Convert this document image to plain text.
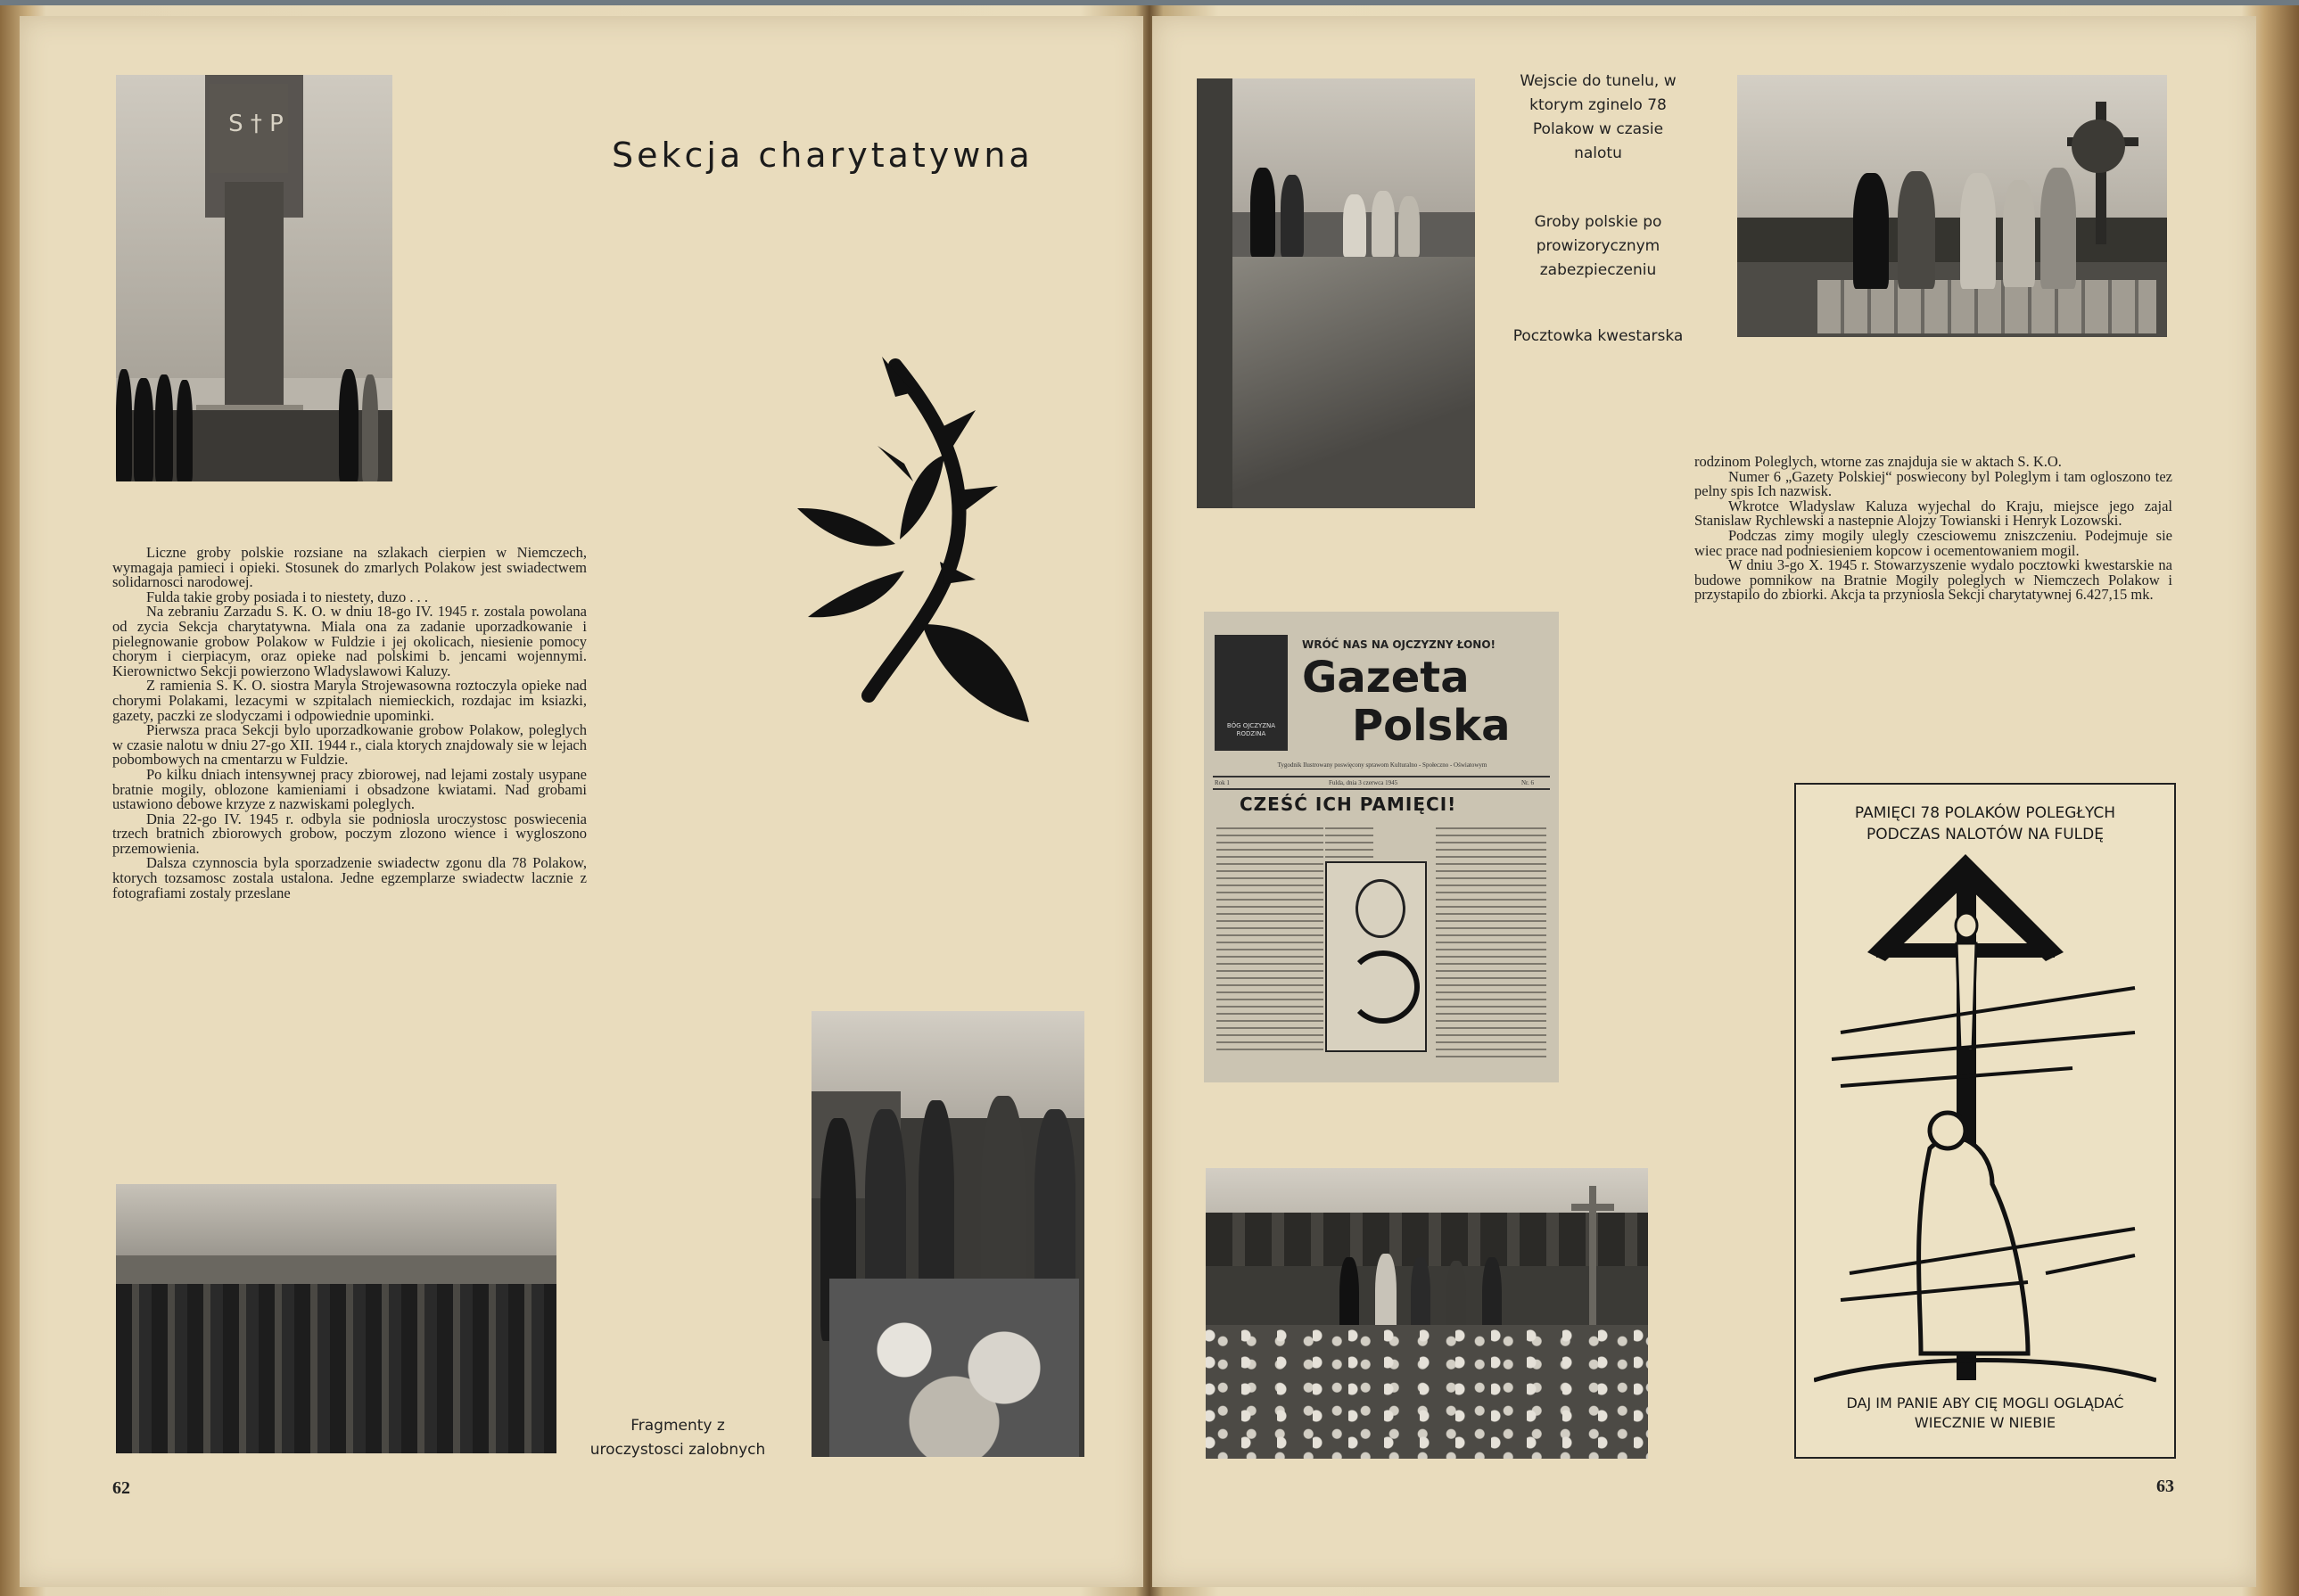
S † P
Sekcja charytatywna

Liczne groby polskie rozsiane na szlakach cierpien w Niemczech, wymagaja pamieci i opieki. Stosunek do zmarlych Polakow jest swiadectwem solidarnosci narodowej.

Fulda takie groby posiada i to niestety, duzo . . .

Na zebraniu Zarzadu S. K. O. w dniu 18-go IV. 1945 r. zostala powolana od zycia Sekcja charytatywna. Miala ona za zadanie uporzadkowanie i pielegnowanie grobow Polakow w Fuldzie i jej okolicach, niesienie pomocy chorym i cierpiacym, oraz opieke nad polskimi b. jencami wojennymi. Kierownictwo Sekcji powierzono Wladyslawowi Kaluzy.

Z ramienia S. K. O. siostra Maryla Strojewasowna roztoczyla opieke nad chorymi Polakami, lezacymi w szpitalach niemieckich, rozdajac im ksiazki, gazety, paczki ze slodyczami i odpowiednie upominki.

Pierwsza praca Sekcji bylo uporzadkowanie grobow Polakow, poleglych w czasie nalotu w dniu 27-go XII. 1944 r., ciala ktorych znajdowaly sie w lejach pobombowych na cmentarzu w Fuldzie.

Po kilku dniach intensywnej pracy zbiorowej, nad lejami zostaly usypane bratnie mogily, oblozone kamieniami i obsadzone kwiatami. Nad grobami ustawiono debowe krzyze z nazwiskami poleglych.

Dnia 22-go IV. 1945 r. odbyla sie podniosla uroczystosc poswiecenia trzech bratnich zbiorowych grobow, poczym zlozono wience i wygloszono przemowienia.

Dalsza czynnoscia byla sporzadzenie swiadectw zgonu dla 78 Polakow, ktorych tozsamosc zostala ustalona. Jedne egzemplarze swiadectw lacznie z fotografiami zostaly przeslane

Fragmenty z
uroczystosci zalobnych
62
Wejscie do tunelu, w
ktorym zginelo 78
Polakow w czasie
nalotu
Groby polskie po
prowizorycznym
zabezpieczeniu
Pocztowka kwestarska

rodzinom Poleglych, wtorne zas znajduja sie w aktach S. K.O.

Numer 6 „Gazety Polskiej“ poswiecony byl Poleglym i tam ogloszono tez pelny spis Ich nazwisk.

Wkrotce Wladyslaw Kaluza wyjechal do Kraju, miejsce jego zajal Stanislaw Rychlewski a nastepnie Alojzy Towianski i Henryk Lozowski.

Podczas zimy mogily ulegly czesciowemu zniszczeniu. Podejmuje sie wiec prace nad podniesieniem kopcow i ocementowaniem mogil.

W dniu 3-go X. 1945 r. Stowarzyszenie wydalo pocztowki kwestarskie na budowe pomnikow na Bratnie Mogily poleglych w Niemczech Polakow i przystapilo do zbiorki. Akcja ta przyniosla Sekcji charytatywnej 6.427,15 mk.

BÓG OJCZYZNA RODZINA
WRÓĆ NAS NA OJCZYZNY ŁONO!
Gazeta
Polska
Tygodnik Ilustrowany poswięcony sprawom Kulturalno - Społeczno - Oświatowym
Rok 1	Fulda, dnia 3 czerwca 1945	Nr. 6
CZEŚĆ ICH PAMIĘCI!	PAMIĘCI 78 POLAKÓW POLEGŁYCH
PODCZAS NALOTÓW NA FULDĘ
DAJ IM PANIE ABY CIĘ MOGLI OGLĄDAĆ
WIECZNIE W NIEBIE
63
